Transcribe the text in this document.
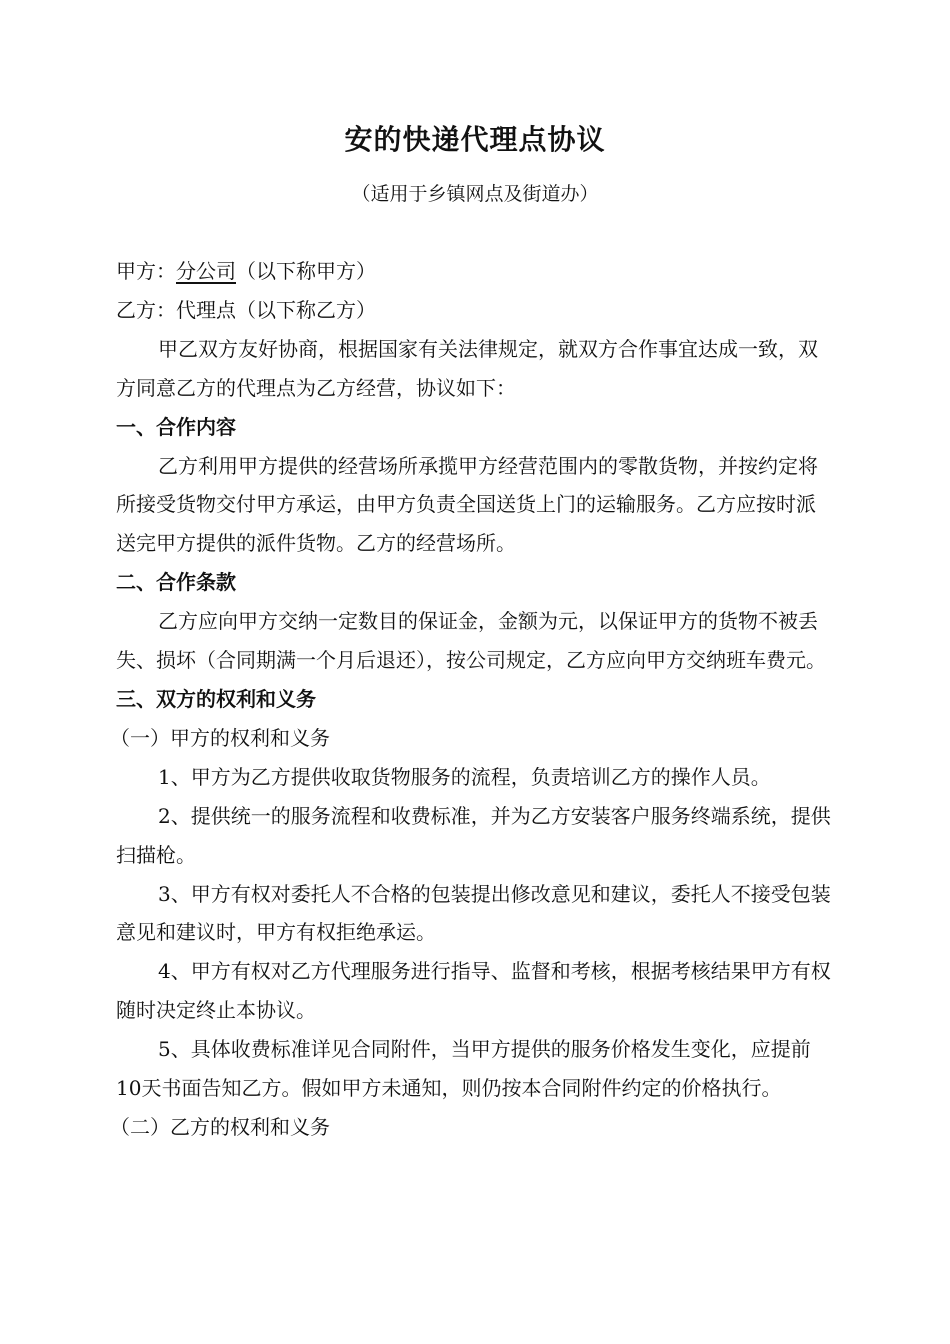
安的快递代理点协议
（适用于乡镇网点及街道办）

甲方：分公司（以下称甲方）

乙方：代理点（以下称乙方）

甲乙双方友好协商，根据国家有关法律规定，就双方合作事宜达成一致，双方同意乙方的代理点为乙方经营，协议如下：

一、合作内容

乙方利用甲方提供的经营场所承揽甲方经营范围内的零散货物，并按约定将所接受货物交付甲方承运，由甲方负责全国送货上门的运输服务。乙方应按时派送完甲方提供的派件货物。乙方的经营场所。

二、合作条款

乙方应向甲方交纳一定数目的保证金，金额为元，以保证甲方的货物不被丢失、损坏（合同期满一个月后退还），按公司规定，乙方应向甲方交纳班车费元。

三、双方的权利和义务

（一）甲方的权利和义务

1、甲方为乙方提供收取货物服务的流程，负责培训乙方的操作人员。

2、提供统一的服务流程和收费标准，并为乙方安装客户服务终端系统，提供扫描枪。

3、甲方有权对委托人不合格的包装提出修改意见和建议，委托人不接受包装意见和建议时，甲方有权拒绝承运。

4、甲方有权对乙方代理服务进行指导、监督和考核，根据考核结果甲方有权随时决定终止本协议。

5、具体收费标准详见合同附件，当甲方提供的服务价格发生变化，应提前10天书面告知乙方。假如甲方未通知，则仍按本合同附件约定的价格执行。

（二）乙方的权利和义务
